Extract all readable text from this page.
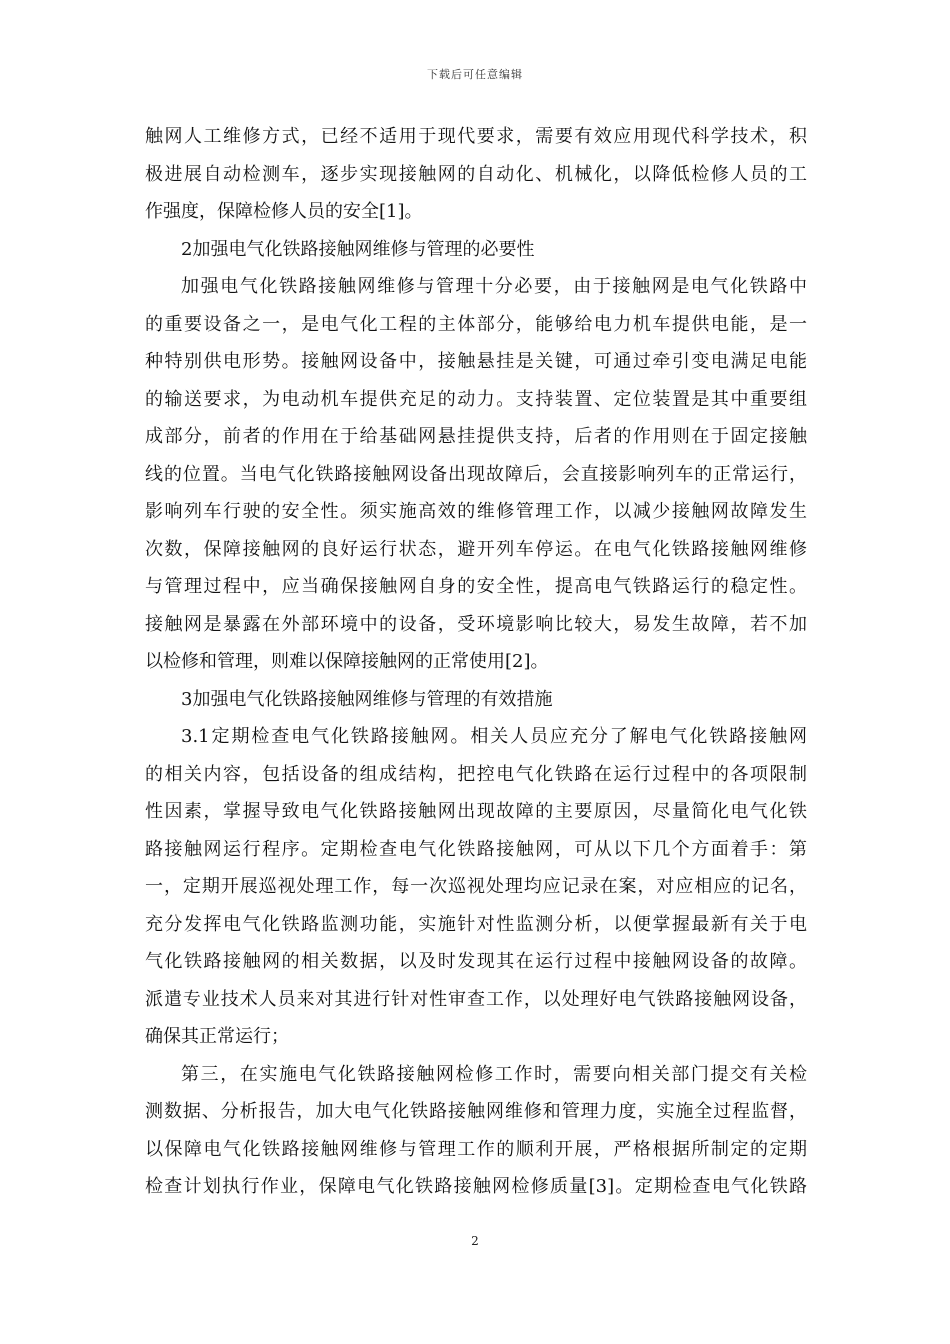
下载后可任意编辑
触网人工维修方式，已经不适用于现代要求，需要有效应用现代科学技术，积
极进展自动检测车，逐步实现接触网的自动化、机械化，以降低检修人员的工
作强度，保障检修人员的安全[1]。
2加强电气化铁路接触网维修与管理的必要性
加强电气化铁路接触网维修与管理十分必要，由于接触网是电气化铁路中
的重要设备之一，是电气化工程的主体部分，能够给电力机车提供电能，是一
种特别供电形势。接触网设备中，接触悬挂是关键，可通过牵引变电满足电能
的输送要求，为电动机车提供充足的动力。支持装置、定位装置是其中重要组
成部分，前者的作用在于给基础网悬挂提供支持，后者的作用则在于固定接触
线的位置。当电气化铁路接触网设备出现故障后，会直接影响列车的正常运行，
影响列车行驶的安全性。须实施高效的维修管理工作，以减少接触网故障发生
次数，保障接触网的良好运行状态，避开列车停运。在电气化铁路接触网维修
与管理过程中，应当确保接触网自身的安全性，提高电气铁路运行的稳定性。
接触网是暴露在外部环境中的设备，受环境影响比较大，易发生故障，若不加
以检修和管理，则难以保障接触网的正常使用[2]。
3加强电气化铁路接触网维修与管理的有效措施
3.1定期检查电气化铁路接触网。相关人员应充分了解电气化铁路接触网
的相关内容，包括设备的组成结构，把控电气化铁路在运行过程中的各项限制
性因素，掌握导致电气化铁路接触网出现故障的主要原因，尽量简化电气化铁
路接触网运行程序。定期检查电气化铁路接触网，可从以下几个方面着手：第
一，定期开展巡视处理工作，每一次巡视处理均应记录在案，对应相应的记名，
充分发挥电气化铁路监测功能，实施针对性监测分析，以便掌握最新有关于电
气化铁路接触网的相关数据，以及时发现其在运行过程中接触网设备的故障。
派遣专业技术人员来对其进行针对性审查工作，以处理好电气铁路接触网设备，
确保其正常运行；
第三，在实施电气化铁路接触网检修工作时，需要向相关部门提交有关检
测数据、分析报告，加大电气化铁路接触网维修和管理力度，实施全过程监督，
以保障电气化铁路接触网维修与管理工作的顺利开展，严格根据所制定的定期
检查计划执行作业，保障电气化铁路接触网检修质量[3]。定期检查电气化铁路
2
